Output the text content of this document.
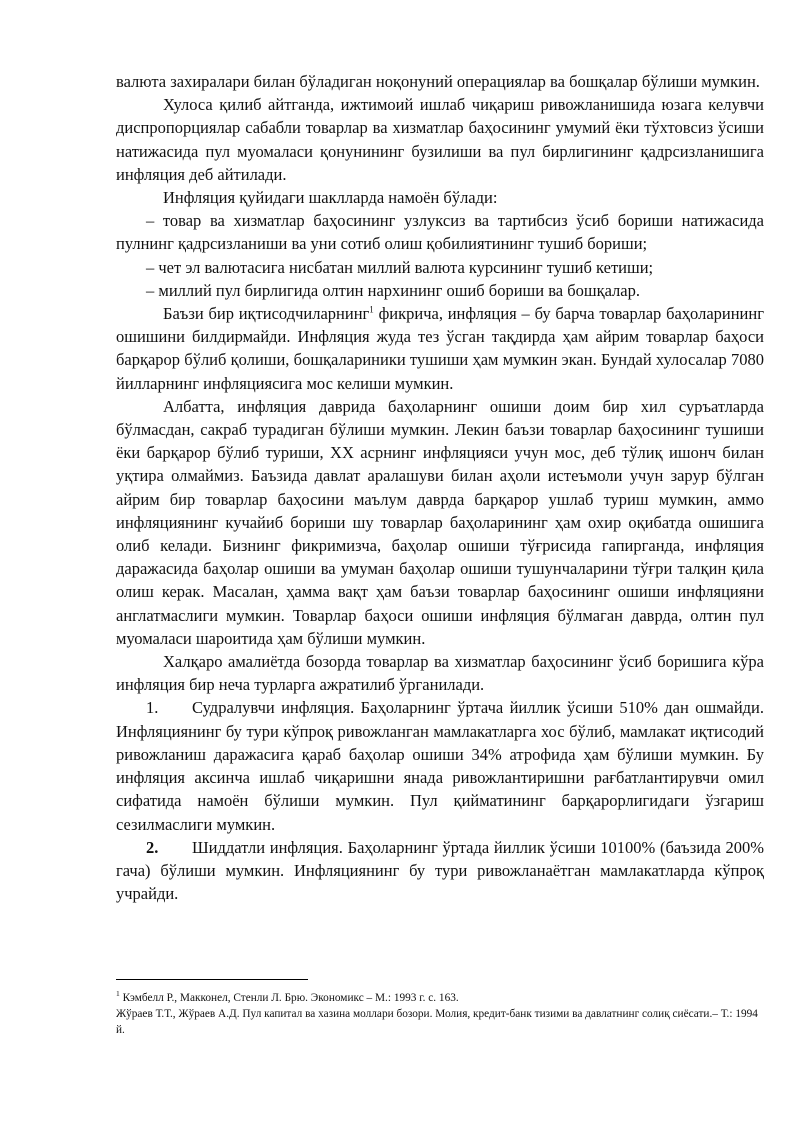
валюта захиралари билан бўладиган ноқонуний операциялар ва бошқалар бўлиши мумкин.

Хулоса қилиб айтганда, ижтимоий ишлаб чиқариш ривожланишида юзага келувчи диспропорциялар сабабли товарлар ва хизматлар баҳосининг умумий ёки тўхтовсиз ўсиши натижасида пул муомаласи қонунининг бузилиши ва пул бирлигининг қадрсизланишига инфляция деб айтилади.

Инфляция қуйидаги шаклларда намоён бўлади:

– товар ва хизматлар баҳосининг узлуксиз ва тартибсиз ўсиб бориши натижасида пулнинг қадрсизланиши ва уни сотиб олиш қобилиятининг тушиб бориши;

– чет эл валютасига нисбатан миллий валюта курсининг тушиб кетиши;

– миллий пул бирлигида олтин нархининг ошиб бориши ва бошқалар.

Баъзи бир иқтисодчиларнинг$^1$ фикрича, инфляция – бу барча товарлар баҳоларининг ошишини билдирмайди. Инфляция жуда тез ўсган тақдирда ҳам айрим товарлар баҳоси барқарор бўлиб қолиши, бошқалариники тушиши ҳам мумкин экан. Бундай хулосалар 7080 йилларнинг инфляциясига мос келиши мумкин.

Албатта, инфляция даврида баҳоларнинг ошиши доим бир хил суръатларда бўлмасдан, сакраб турадиган бўлиши мумкин. Лекин баъзи товарлар баҳосининг тушиши ёки барқарор бўлиб туриши, XX асрнинг инфляцияси учун мос, деб тўлиқ ишонч билан уқтира олмаймиз. Баъзида давлат аралашуви билан аҳоли истеъмоли учун зарур бўлган айрим бир товарлар баҳосини маълум даврда барқарор ушлаб туриш мумкин, аммо инфляциянинг кучайиб бориши шу товарлар баҳоларининг ҳам охир оқибатда ошишига олиб келади. Бизнинг фикримизча, баҳолар ошиши тўғрисида гапирганда, инфляция даражасида баҳолар ошиши ва умуман баҳолар ошиши тушунчаларини тўғри талқин қила олиш керак. Масалан, ҳамма вақт ҳам баъзи товарлар баҳосининг ошиши инфляцияни англатмаслиги мумкин. Товарлар баҳоси ошиши инфляция бўлмаган даврда, олтин пул муомаласи шароитида ҳам бўлиши мумкин.

Халқаро амалиётда бозорда товарлар ва хизматлар баҳосининг ўсиб боришига кўра инфляция бир неча турларга ажратилиб ўрганилади.

1. Судралувчи инфляция. Баҳоларнинг ўртача йиллик ўсиши 510% дан ошмайди. Инфляциянинг бу тури кўпроқ ривожланган мамлакатларга хос бўлиб, мамлакат иқтисодий ривожланиш даражасига қараб баҳолар ошиши 34% атрофида ҳам бўлиши мумкин. Бу инфляция аксинча ишлаб чиқаришни янада ривожлантиришни рағбатлантирувчи омил сифатида намоён бўлиши мумкин. Пул қийматининг барқарорлигидаги ўзгариш сезилмаслиги мумкин.

2. Шиддатли инфляция. Баҳоларнинг ўртада йиллик ўсиши 10100% (баъзида 200% гача) бўлиши мумкин. Инфляциянинг бу тури ривожланаётган мамлакатларда кўпроқ учрайди.

$^1$ Кэмбелл Р., Макконел, Стенли Л. Брю. Экономикс – М.: 1993 г. с. 163.

Жўраев Т.Т., Жўраев А.Д. Пул капитал ва хазина моллари бозори. Молия, кредит-банк тизими ва давлатнинг солиқ сиёсати.– Т.: 1994 й.
